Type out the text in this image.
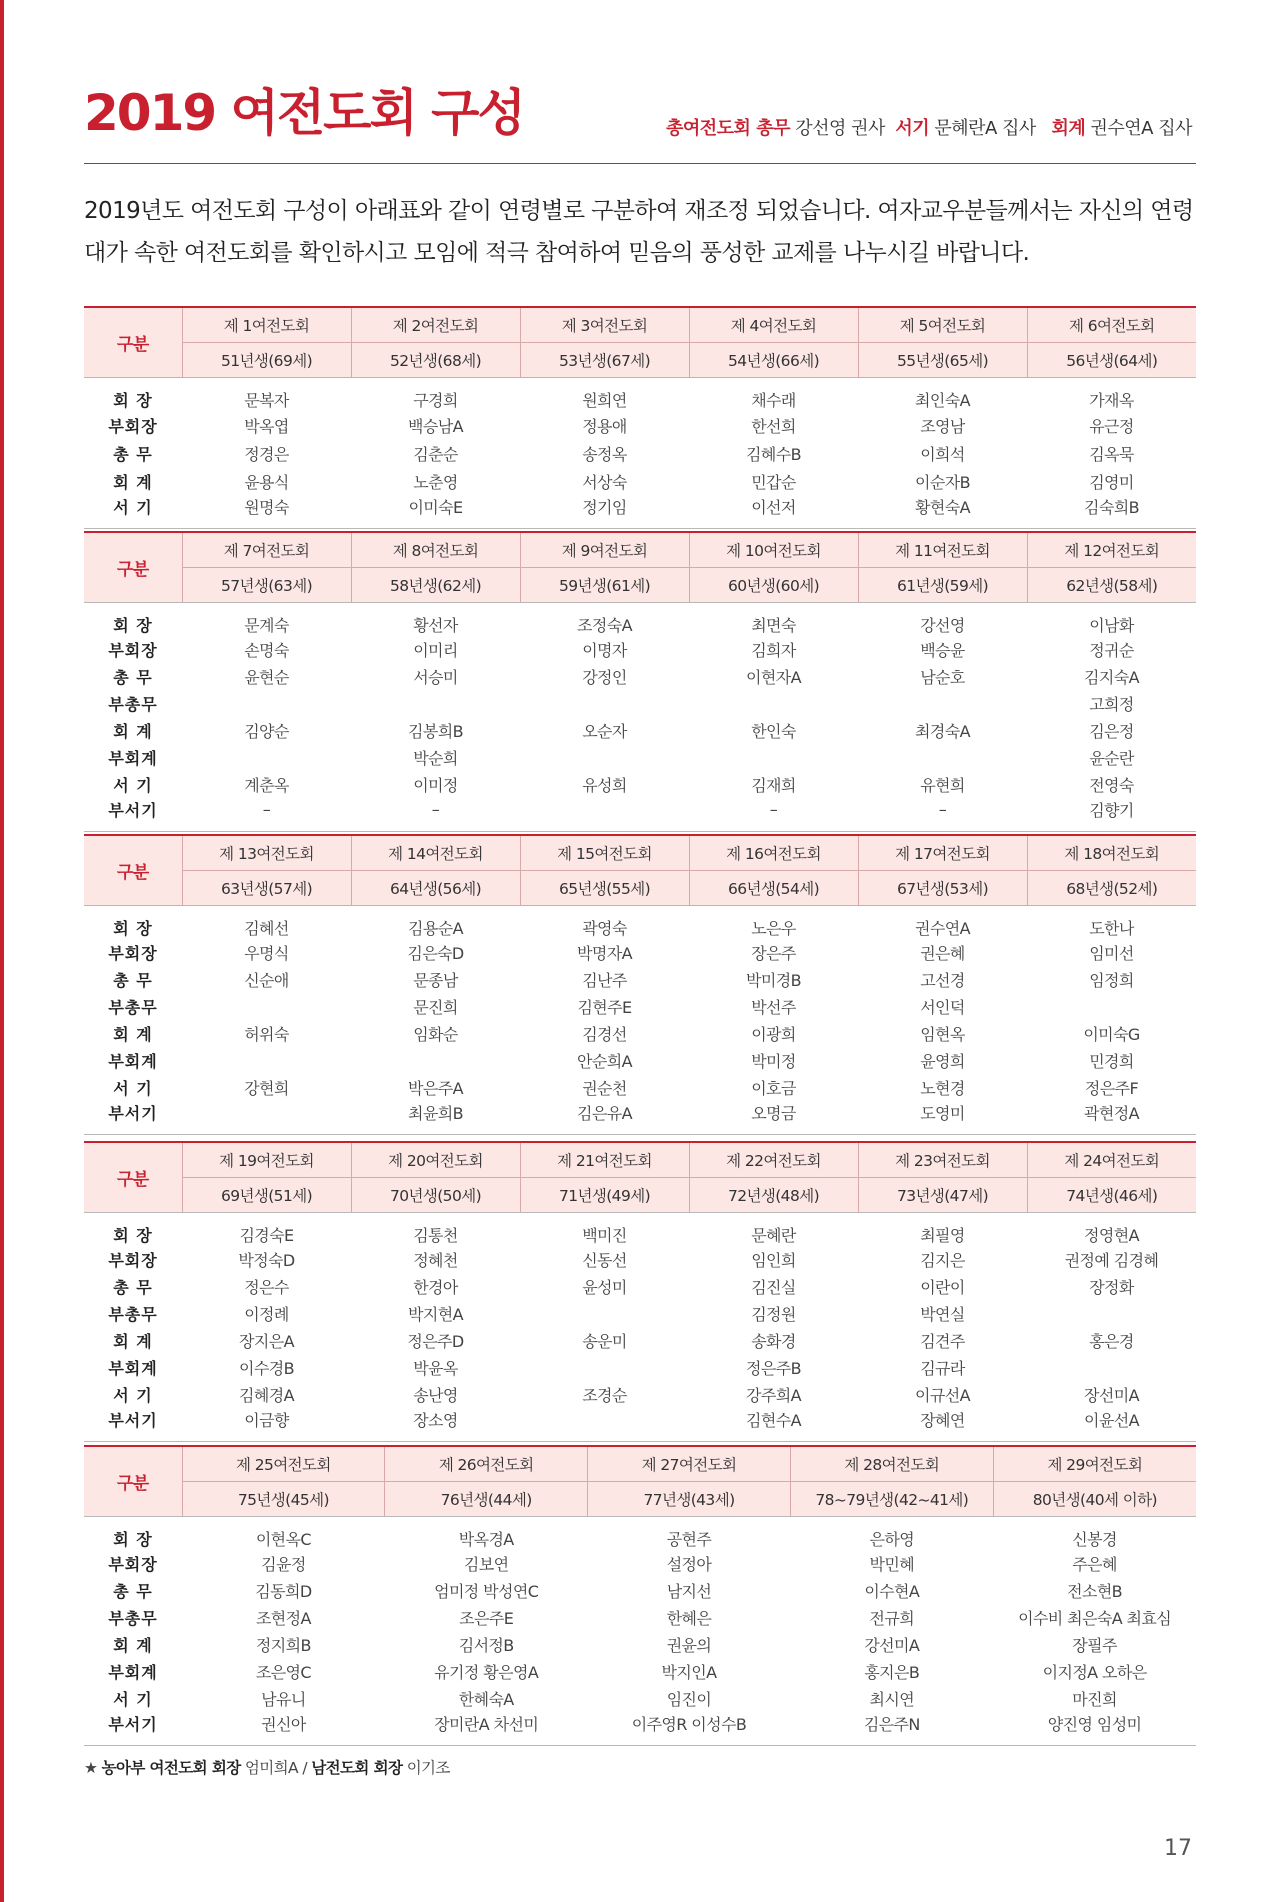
2019 여전도회 구성	총여전도회 총무 강선영 권사 서기 문혜란A 집사 회계 권수연A 집사

2019년도 여전도회 구성이 아래표와 같이 연령별로 구분하여 재조정 되었습니다. 여자교우분들께서는 자신의 연령대가 속한 여전도회를 확인하시고 모임에 적극 참여하여 믿음의 풍성한 교제를 나누시길 바랍니다.

구분	제 1여전도회	제 2여전도회	제 3여전도회	제 4여전도회	제 5여전도회	제 6여전도회
	51년생(69세)	52년생(68세)	53년생(67세)	54년생(66세)	55년생(65세)	56년생(64세)
회 장	문복자	구경희	원희연	채수래	최인숙A	가재옥
부회장	박옥엽	백승남A	정용애	한선희	조영남	유근정
총 무	정경은	김춘순	송정옥	김혜수B	이희석	김옥묵
회 계	윤용식	노춘영	서상숙	민갑순	이순자B	김영미
서 기	원명숙	이미숙E	정기임	이선저	황현숙A	김숙희B
구분	제 7여전도회	제 8여전도회	제 9여전도회	제 10여전도회	제 11여전도회	제 12여전도회
	57년생(63세)	58년생(62세)	59년생(61세)	60년생(60세)	61년생(59세)	62년생(58세)
회 장	문계숙	황선자	조정숙A	최면숙	강선영	이남화
부회장	손명숙	이미리	이명자	김희자	백승윤	정귀순
총 무	윤현순	서승미	강정인	이현자A	남순호	김지숙A
부총무						고희정
회 계	김양순	김봉희B	오순자	한인숙	최경숙A	김은정
부회계		박순희				윤순란
서 기	계춘옥	이미정	유성희	김재희	유현희	전영숙
부서기	–	–		–	–	김향기
구분	제 13여전도회	제 14여전도회	제 15여전도회	제 16여전도회	제 17여전도회	제 18여전도회
	63년생(57세)	64년생(56세)	65년생(55세)	66년생(54세)	67년생(53세)	68년생(52세)
회 장	김혜선	김용순A	곽영숙	노은우	권수연A	도한나
부회장	우명식	김은숙D	박명자A	장은주	권은혜	임미선
총 무	신순애	문종남	김난주	박미경B	고선경	임정희
부총무		문진희	김현주E	박선주	서인덕	
회 계	허위숙	임화순	김경선	이광희	임현옥	이미숙G
부회계			안순희A	박미정	윤영희	민경희
서 기	강현희	박은주A	권순천	이호금	노현경	정은주F
부서기		최윤희B	김은유A	오명금	도영미	곽현정A
구분	제 19여전도회	제 20여전도회	제 21여전도회	제 22여전도회	제 23여전도회	제 24여전도회
	69년생(51세)	70년생(50세)	71년생(49세)	72년생(48세)	73년생(47세)	74년생(46세)
회 장	김경숙E	김통천	백미진	문혜란	최필영	정영현A
부회장	박정숙D	정혜천	신동선	임인희	김지은	권정예 김경혜
총 무	정은수	한경아	윤성미	김진실	이란이	장정화
부총무	이정례	박지현A		김정원	박연실	
회 계	장지은A	정은주D	송운미	송화경	김견주	홍은경
부회계	이수경B	박윤옥		정은주B	김규라	
서 기	김혜경A	송난영	조경순	강주희A	이규선A	장선미A
부서기	이금향	장소영		김현수A	장혜연	이윤선A
구분	제 25여전도회	제 26여전도회	제 27여전도회	제 28여전도회	제 29여전도회
	75년생(45세)	76년생(44세)	77년생(43세)	78~79년생(42~41세)	80년생(40세 이하)
회 장	이현옥C	박옥경A	공현주	은하영	신봉경
부회장	김윤정	김보연	설정아	박민혜	주은혜
총 무	김동희D	엄미정 박성연C	남지선	이수현A	전소현B
부총무	조현정A	조은주E	한혜은	전규희	이수비 최은숙A 최효심
회 계	정지희B	김서정B	권윤의	강선미A	장필주
부회계	조은영C	유기정 황은영A	박지인A	홍지은B	이지정A 오하은
서 기	남유니	한혜숙A	임진이	최시연	마진희
부서기	권신아	장미란A 차선미	이주영R 이성수B	김은주N	양진영 임성미
★ 농아부 여전도회 회장 엄미희A / 남전도회 회장 이기조
17
